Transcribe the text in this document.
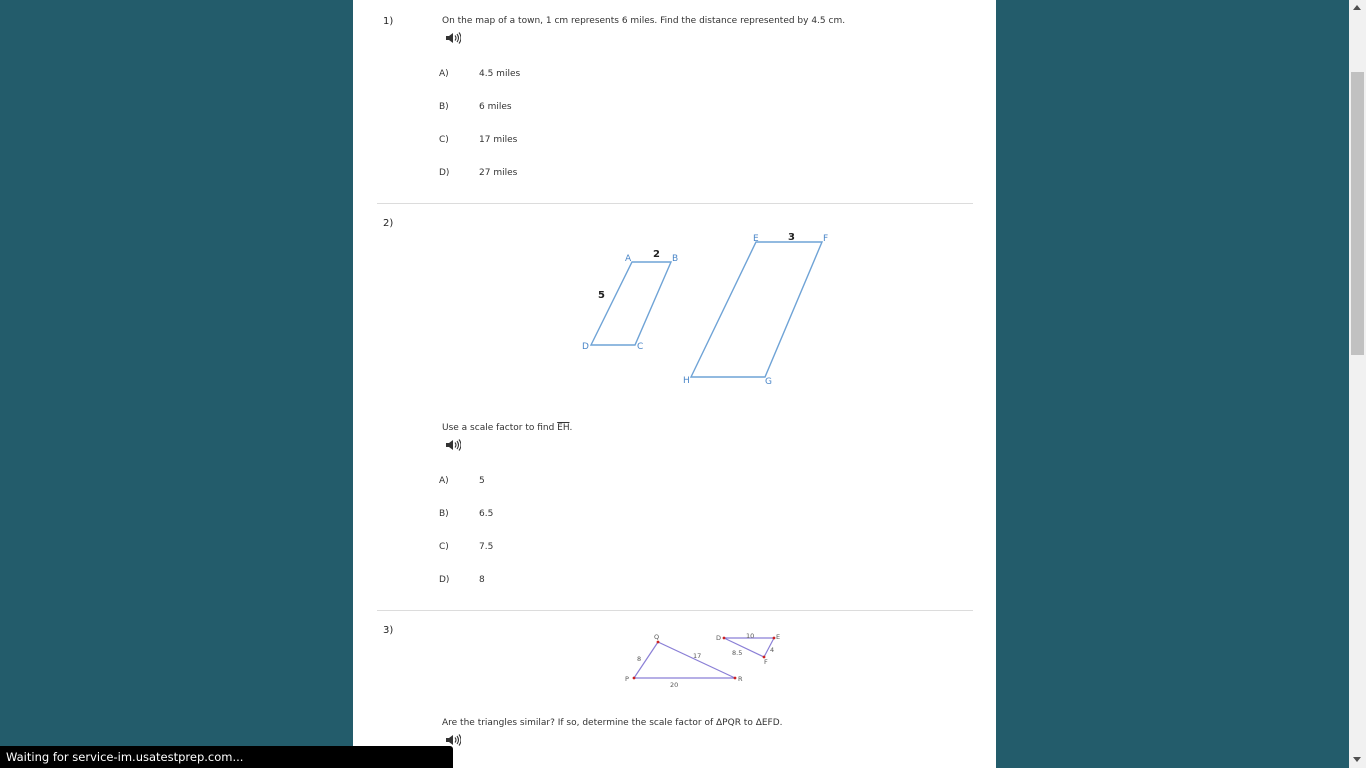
1)	On the map of a town, 1 cm represents 6 miles. Find the distance represented by 4.5 cm.
A)	4.5 miles
B)	6 miles
C)	17 miles
D)	27 miles
2)
A	B
C
D
E	F
G
H
2
5
3
Use a scale factor to find $\overline{EH}$.
A)	5
B)	6.5
C)	7.5
D)	8
3)
Q
P	R
D	E
F
8	17
20
10
8.5	4
Are the triangles similar? If so, determine the scale factor of ΔPQR to ΔEFD.
Waiting for service-im.usatestprep.com...
